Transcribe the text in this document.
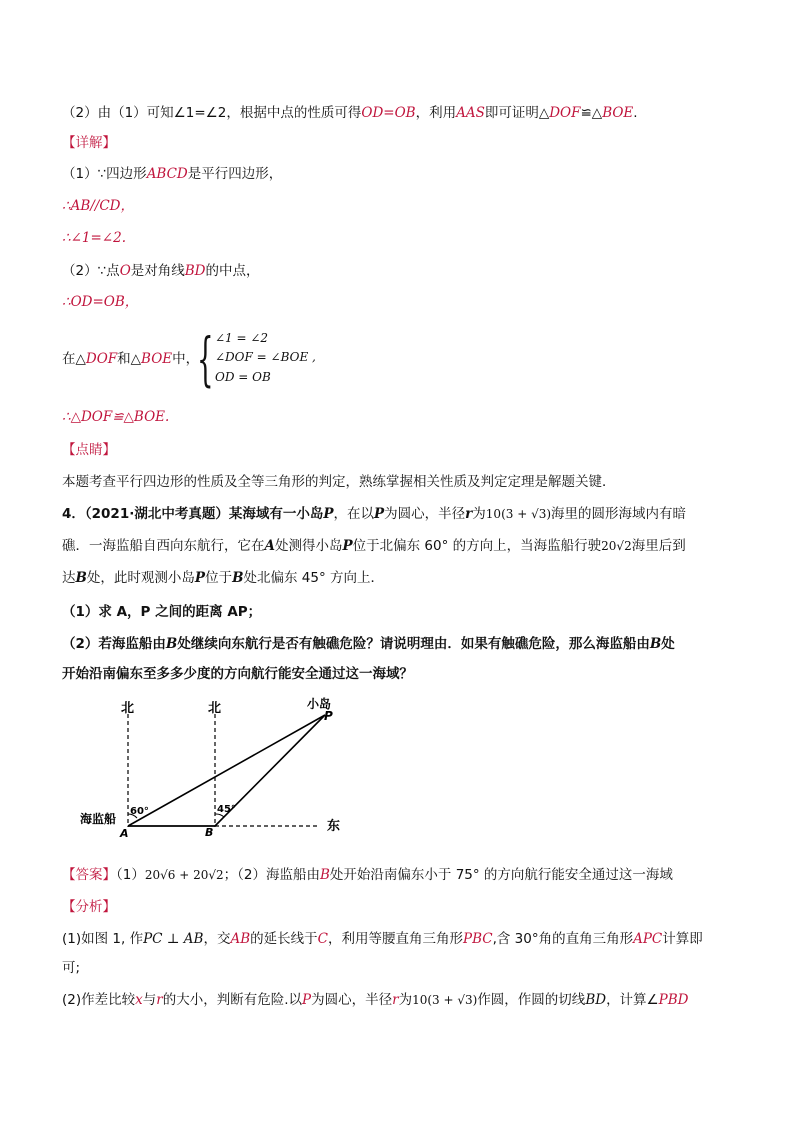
（2）由（1）可知∠1=∠2，根据中点的性质可得OD=OB，利用AAS即可证明△DOF≌△BOE.
【详解】
（1）∵四边形ABCD是平行四边形，
∴AB//CD，
∴∠1=∠2.
（2）∵点O是对角线BD的中点，
∴OD=OB，
在△DOF和△BOE中，
{ ∠1 = ∠2
∠DOF = ∠BOE ,
OD = OB
∴△DOF≌△BOE.
【点睛】
本题考查平行四边形的性质及全等三角形的判定，熟练掌握相关性质及判定定理是解题关键．
4．（2021·湖北中考真题）某海域有一小岛P，在以P为圆心，半径r为10(3 + √3)海里的圆形海域内有暗
礁．一海监船自西向东航行，它在A处测得小岛P位于北偏东 60° 的方向上，当海监船行驶20√2海里后到
达B处，此时观测小岛P位于B处北偏东 45° 方向上．
（1）求 A，P 之间的距离 AP；
（2）若海监船由B处继续向东航行是否有触礁危险？请说明理由．如果有触礁危险，那么海监船由B处
开始沿南偏东至多多少度的方向航行能安全通过这一海域？
北	北	小岛
P
海监船
A	B	东
60°	45°
【答案】（1）20√6 + 20√2；（2）海监船由B处开始沿南偏东小于 75° 的方向航行能安全通过这一海域
【分析】
(1)如图 1, 作PC ⊥ AB，交AB的延长线于C，利用等腰直角三角形PBC,含 30°角的直角三角形APC计算即
可;
(2)作差比较x与r的大小，判断有危险.以P为圆心，半径r为10(3 + √3)作圆，作圆的切线BD，计算∠PBD
